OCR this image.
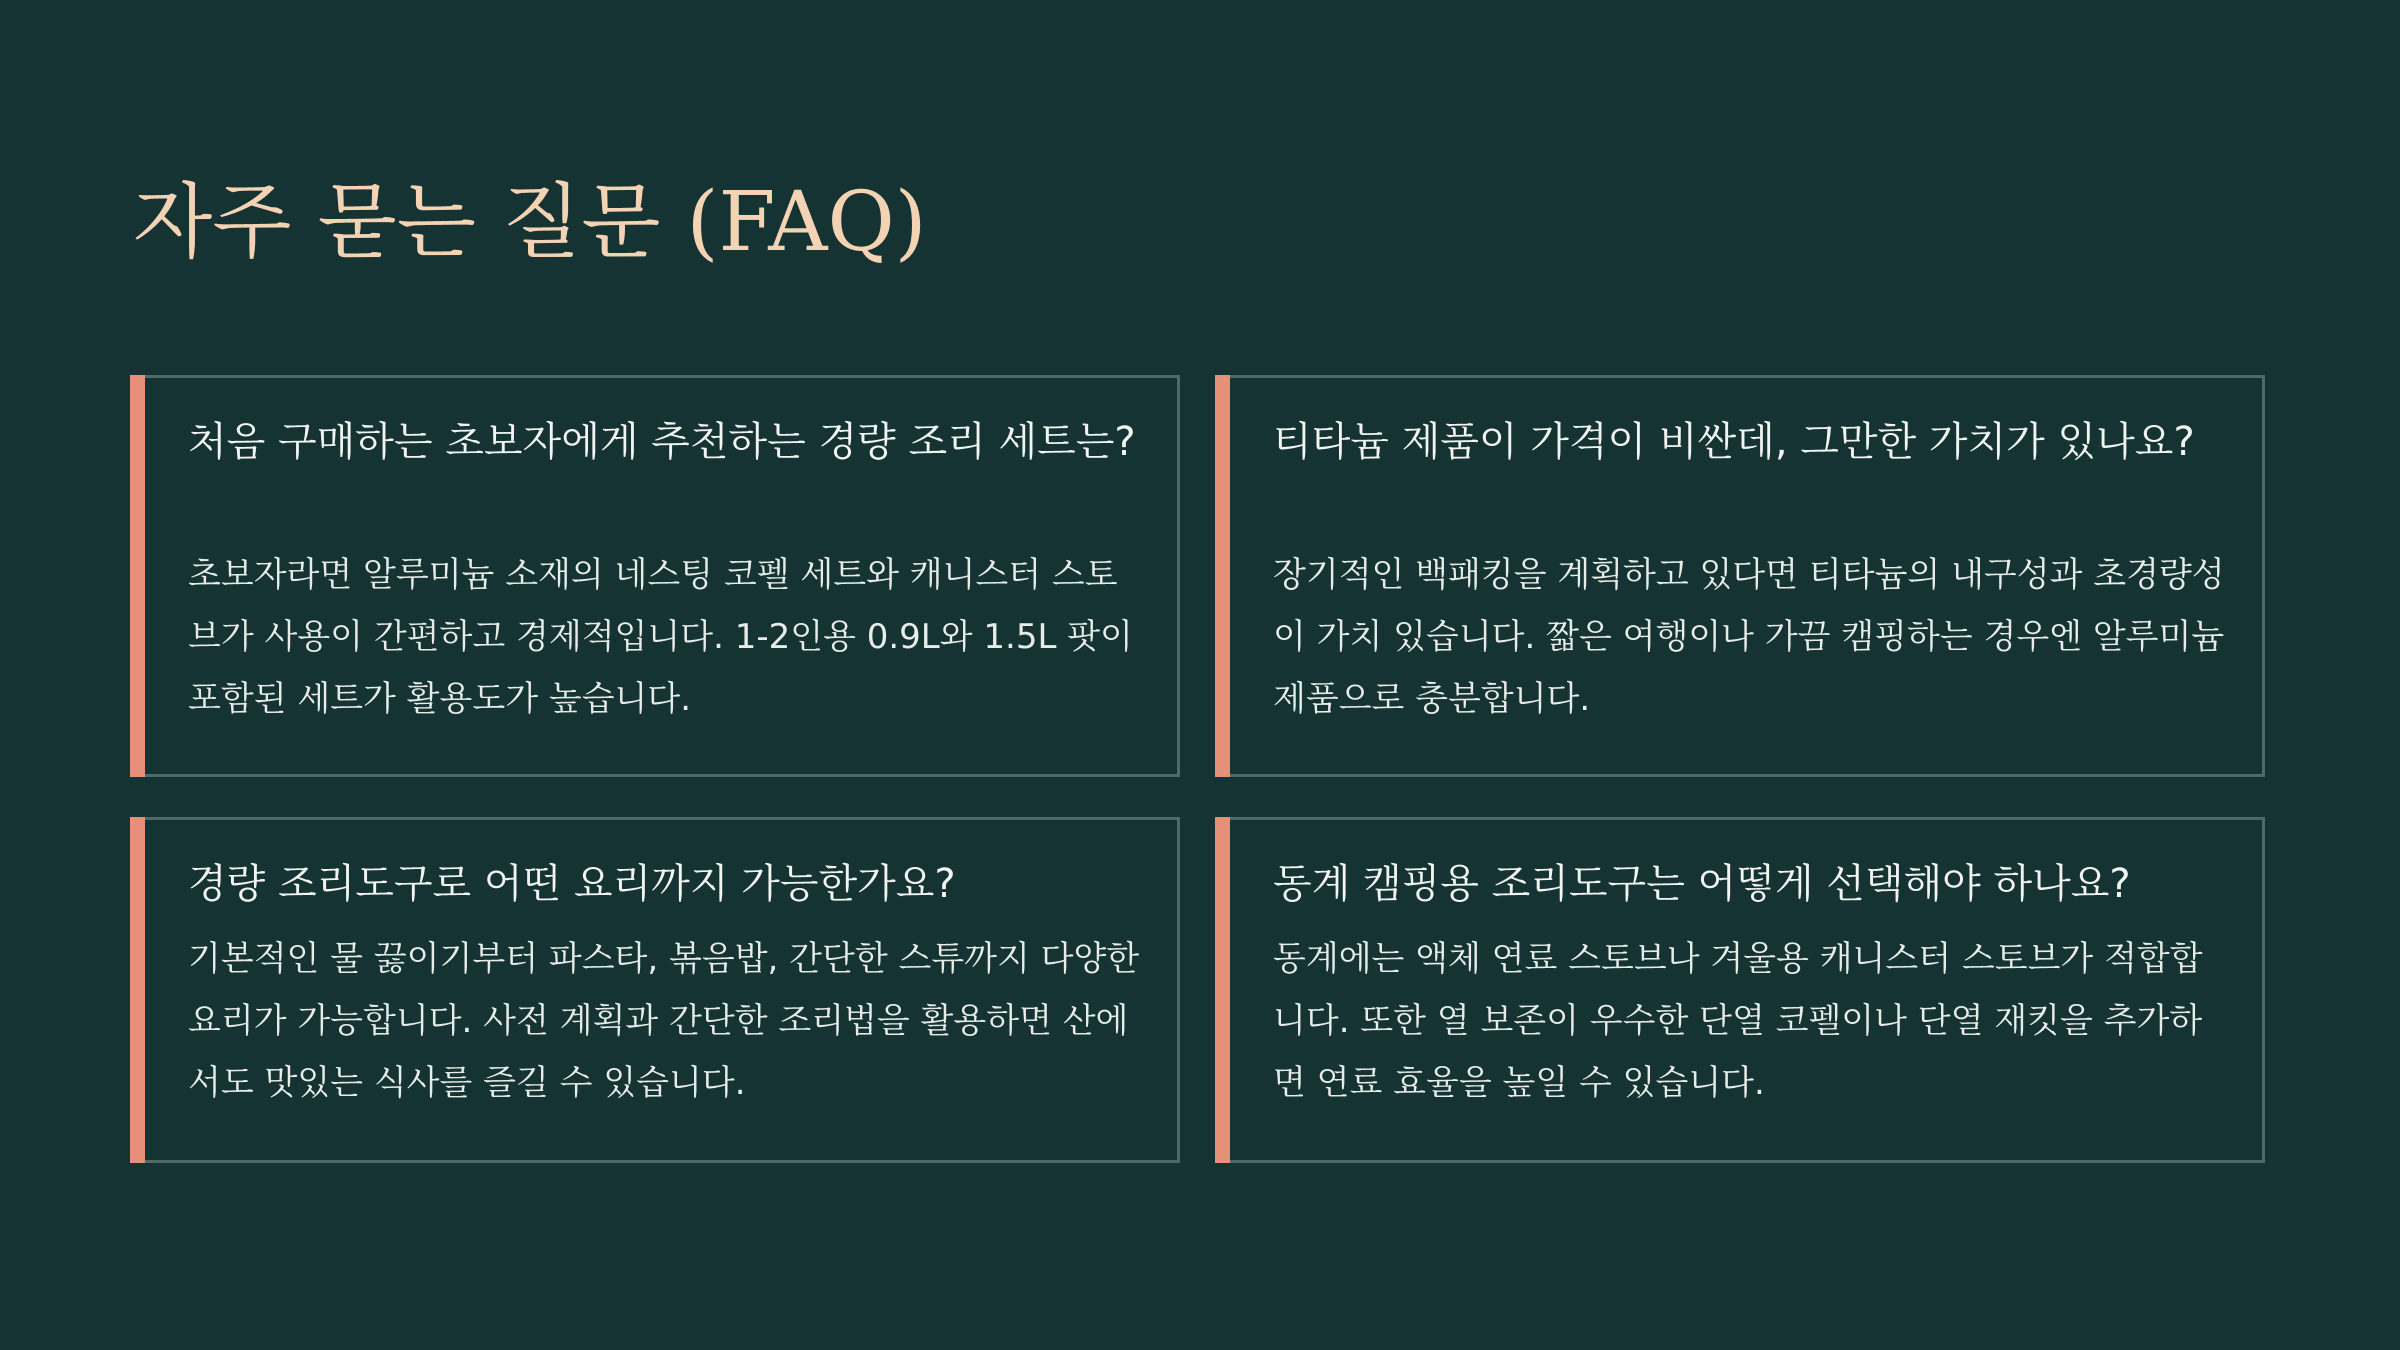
자주 묻는 질문 (FAQ)
처음 구매하는 초보자에게 추천하는 경량 조리 세트는?

초보자라면 알루미늄 소재의 네스팅 코펠 세트와 캐니스터 스토브가 사용이 간편하고 경제적입니다. 1-2인용 0.9L와 1.5L 팟이 포함된 세트가 활용도가 높습니다.

티타늄 제품이 가격이 비싼데, 그만한 가치가 있나요?

장기적인 백패킹을 계획하고 있다면 티타늄의 내구성과 초경량성이 가치 있습니다. 짧은 여행이나 가끔 캠핑하는 경우엔 알루미늄 제품으로 충분합니다.

경량 조리도구로 어떤 요리까지 가능한가요?

기본적인 물 끓이기부터 파스타, 볶음밥, 간단한 스튜까지 다양한 요리가 가능합니다. 사전 계획과 간단한 조리법을 활용하면 산에서도 맛있는 식사를 즐길 수 있습니다.

동계 캠핑용 조리도구는 어떻게 선택해야 하나요?

동계에는 액체 연료 스토브나 겨울용 캐니스터 스토브가 적합합니다. 또한 열 보존이 우수한 단열 코펠이나 단열 재킷을 추가하면 연료 효율을 높일 수 있습니다.
